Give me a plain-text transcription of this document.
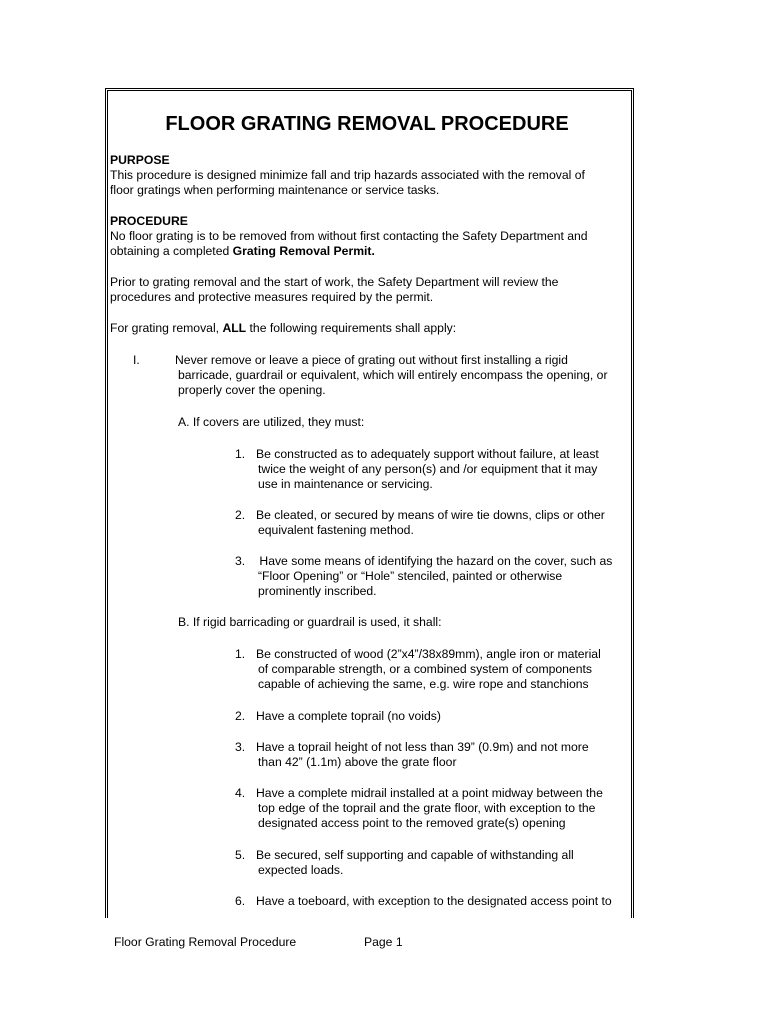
FLOOR GRATING REMOVAL PROCEDURE
PURPOSE
This procedure is designed minimize fall and trip hazards associated with the removal of
floor gratings when performing maintenance or service tasks.
PROCEDURE
No floor grating is to be removed from without first contacting the Safety Department and
obtaining a completed Grating Removal Permit.
Prior to grating removal and the start of work, the Safety Department will review the
procedures and protective measures required by the permit.
For grating removal, ALL the following requirements shall apply:
I.	Never remove or leave a piece of grating out without first installing a rigid
barricade, guardrail or equivalent, which will entirely encompass the opening, or
properly cover the opening.
A. If covers are utilized, they must:
1. Be constructed as to adequately support without failure, at least
twice the weight of any person(s) and /or equipment that it may
use in maintenance or servicing.
2. Be cleated, or secured by means of wire tie downs, clips or other
equivalent fastening method.
3. Have some means of identifying the hazard on the cover, such as
“Floor Opening” or “Hole” stenciled, painted or otherwise
prominently inscribed.
B. If rigid barricading or guardrail is used, it shall:
1. Be constructed of wood (2”x4”/38x89mm), angle iron or material
of comparable strength, or a combined system of components
capable of achieving the same, e.g. wire rope and stanchions
2. Have a complete toprail (no voids)
3. Have a toprail height of not less than 39” (0.9m) and not more
than 42” (1.1m) above the grate floor
4. Have a complete midrail installed at a point midway between the
top edge of the toprail and the grate floor, with exception to the
designated access point to the removed grate(s) opening
5. Be secured, self supporting and capable of withstanding all
expected loads.
6. Have a toeboard, with exception to the designated access point to
Floor Grating Removal Procedure	Page 1
